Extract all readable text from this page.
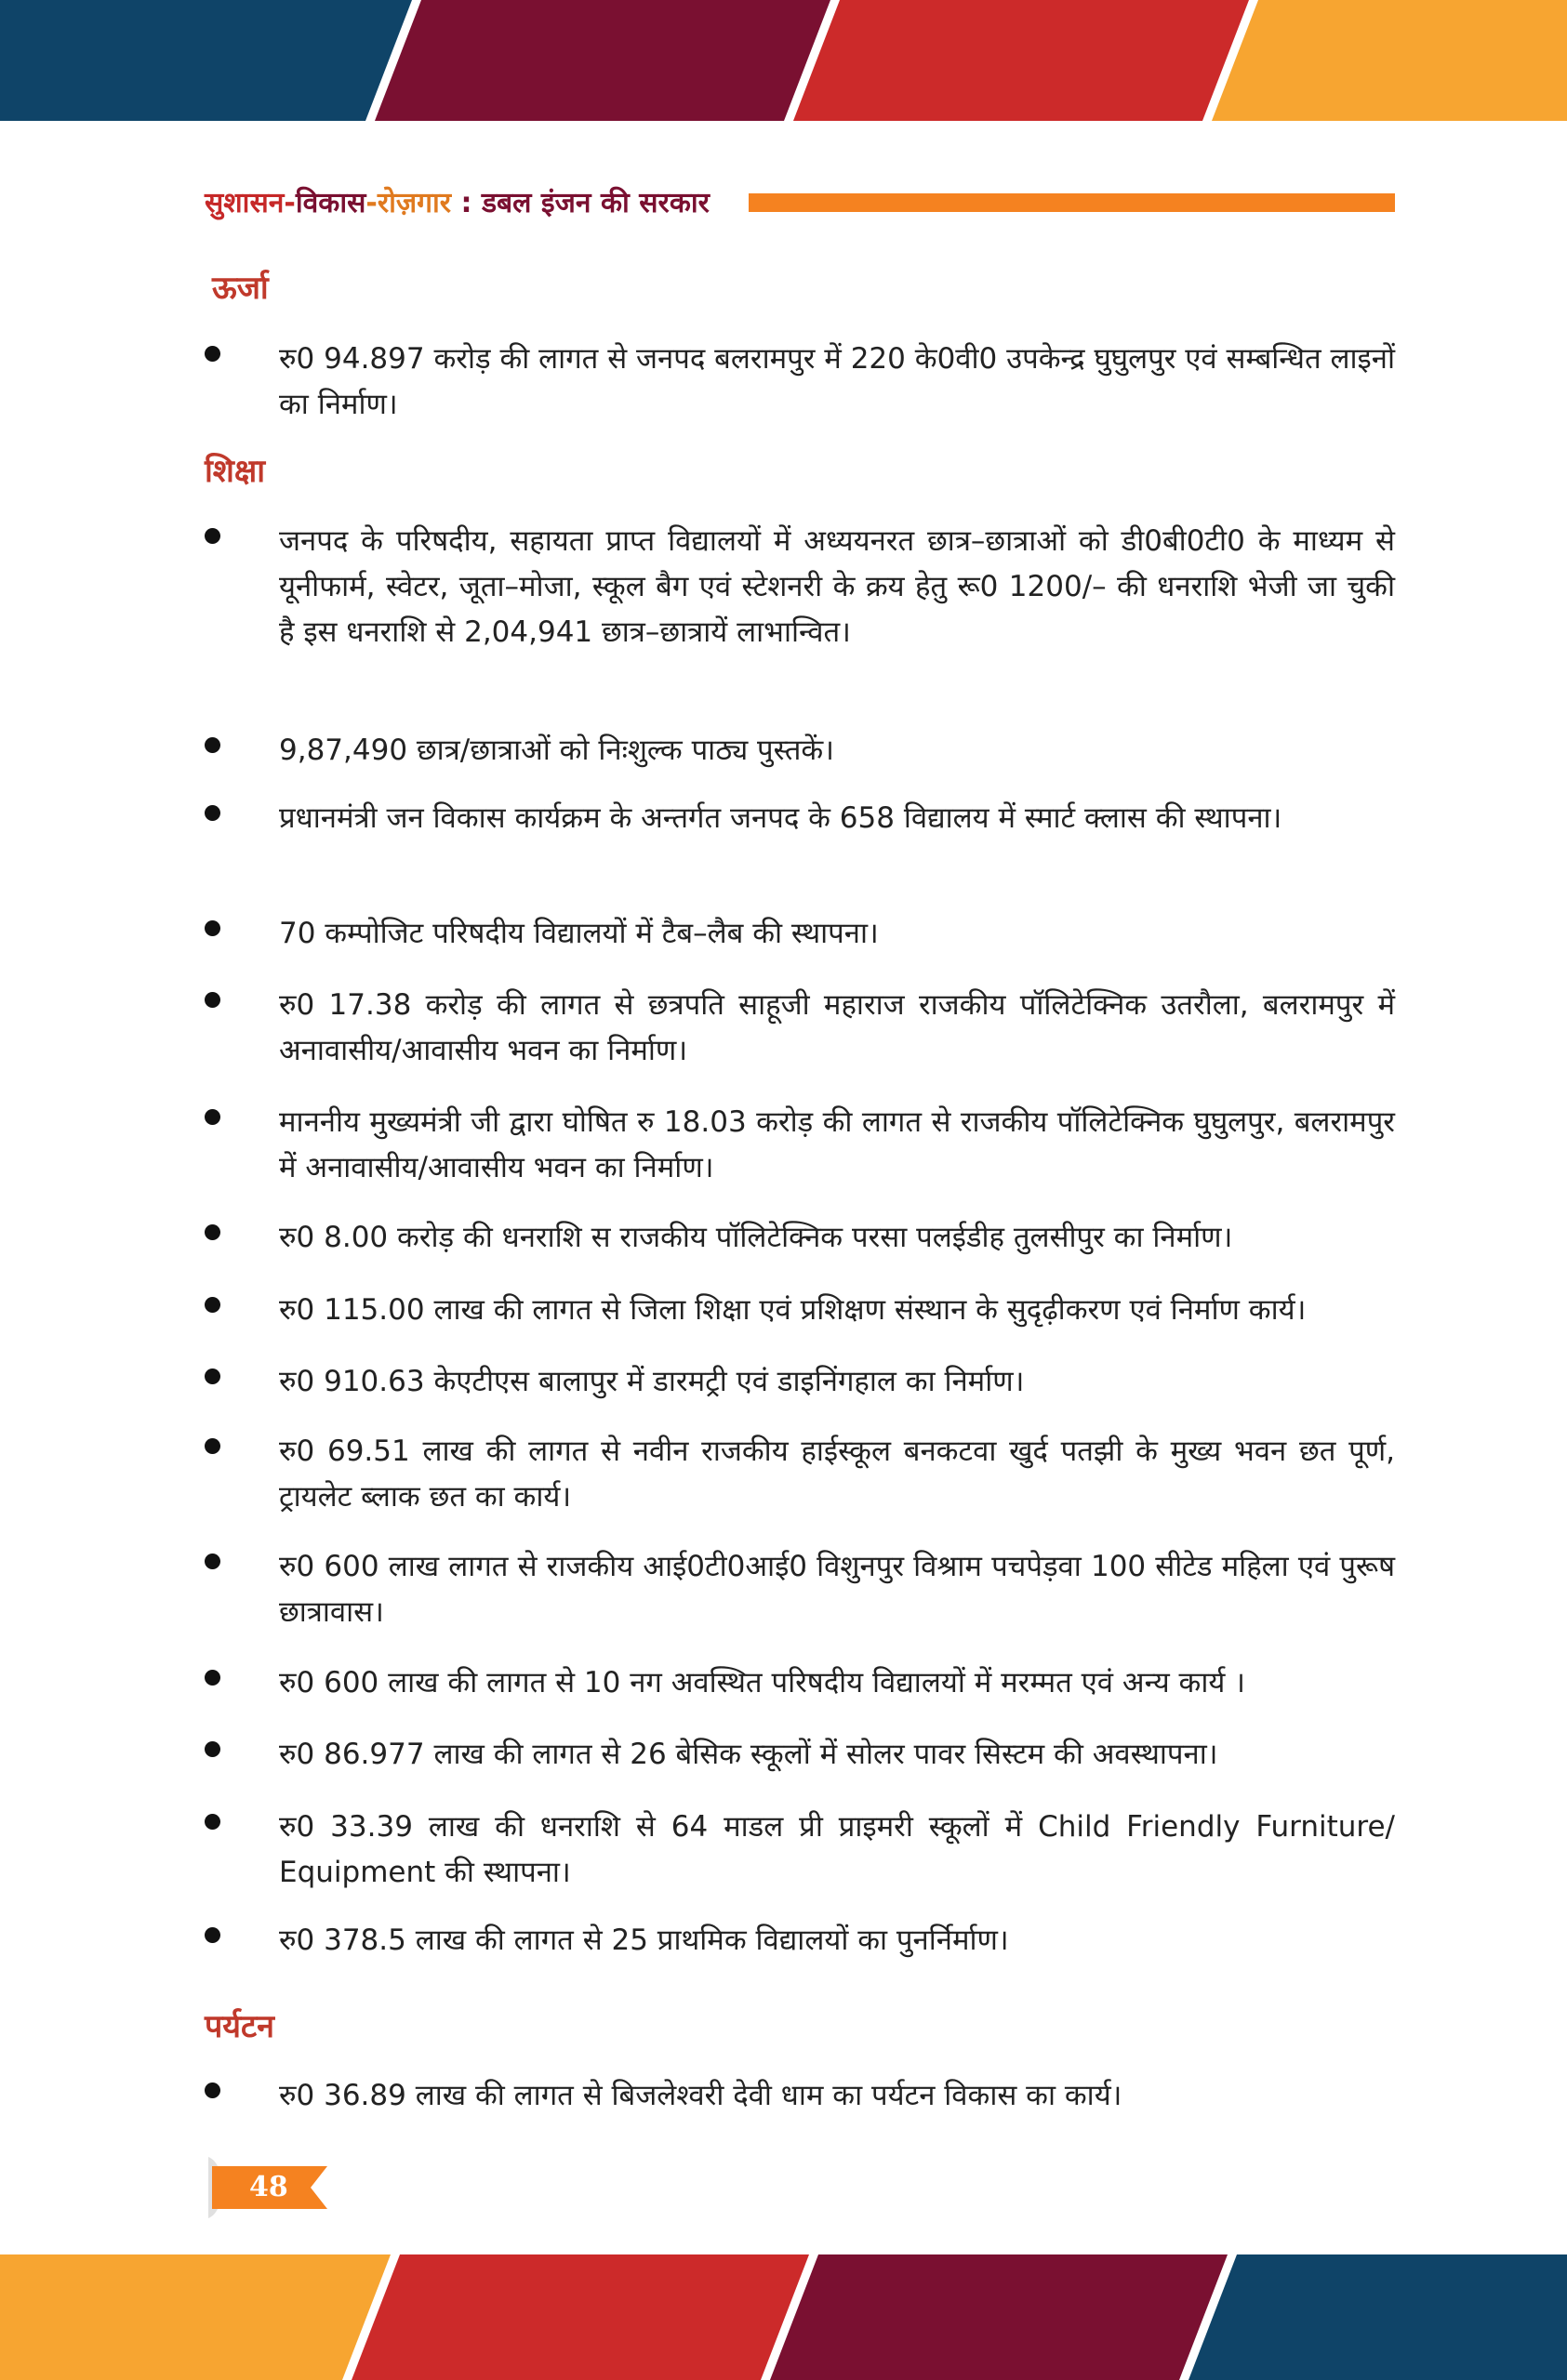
सुशासन-विकास-रोज़गार : डबल इंजन की सरकार
ऊर्जा
रु0 94.897 करोड़ की लागत से जनपद बलरामपुर में 220 के0वी0 उपकेन्द्र घुघुलपुर एवं सम्बन्धित लाइनों का निर्माण।
शिक्षा
जनपद के परिषदीय, सहायता प्राप्त विद्यालयों में अध्ययनरत छात्र–छात्राओं को डी0बी0टी0 के माध्यम से यूनीफार्म, स्वेटर, जूता–मोजा, स्कूल बैग एवं स्टेशनरी के क्रय हेतु रू0 1200/– की धनराशि भेजी जा चुकी है इस धनराशि से 2,04,941 छात्र–छात्रायें लाभान्वित।
9,87,490 छात्र/छात्राओं को निःशुल्क पाठ्य पुस्तकें।
प्रधानमंत्री जन विकास कार्यक्रम के अन्तर्गत जनपद के 658 विद्यालय में स्मार्ट क्लास की स्थापना।
70 कम्पोजिट परिषदीय विद्यालयों में टैब–लैब की स्थापना।
रु0 17.38 करोड़ की लागत से छत्रपति साहूजी महाराज राजकीय पॉलिटेक्निक उतरौला, बलरामपुर में अनावासीय/आवासीय भवन का निर्माण।
माननीय मुख्यमंत्री जी द्वारा घोषित रु 18.03 करोड़ की लागत से राजकीय पॉलिटेक्निक घुघुलपुर, बलरामपुर में अनावासीय/आवासीय भवन का निर्माण।
रु0 8.00 करोड़ की धनराशि स राजकीय पॉलिटेक्निक परसा पलईडीह तुलसीपुर का निर्माण।
रु0 115.00 लाख की लागत से जिला शिक्षा एवं प्रशिक्षण संस्थान के सुदृढ़ीकरण एवं निर्माण कार्य।
रु0 910.63 केएटीएस बालापुर में डारमट्री एवं डाइनिंगहाल का निर्माण।
रु0 69.51 लाख की लागत से नवीन राजकीय हाईस्कूल बनकटवा खुर्द पतझी के मुख्य भवन छत पूर्ण, ट्रायलेट ब्लाक छत का कार्य।
रु0 600 लाख लागत से राजकीय आई0टी0आई0 विशुनपुर विश्राम पचपेड़वा 100 सीटेड महिला एवं पुरूष छात्रावास।
रु0 600 लाख की लागत से 10 नग अवस्थित परिषदीय विद्यालयों में मरम्मत एवं अन्य कार्य ।
रु0 86.977 लाख की लागत से 26 बेसिक स्कूलों में सोलर पावर सिस्टम की अवस्थापना।
रु0 33.39 लाख की धनराशि से 64 माडल प्री प्राइमरी स्कूलों में Child Friendly Furniture/ Equipment की स्थापना।
रु0 378.5 लाख की लागत से 25 प्राथमिक विद्यालयों का पुनर्निर्माण।
पर्यटन
रु0 36.89 लाख की लागत से बिजलेश्वरी देवी धाम का पर्यटन विकास का कार्य।
48
